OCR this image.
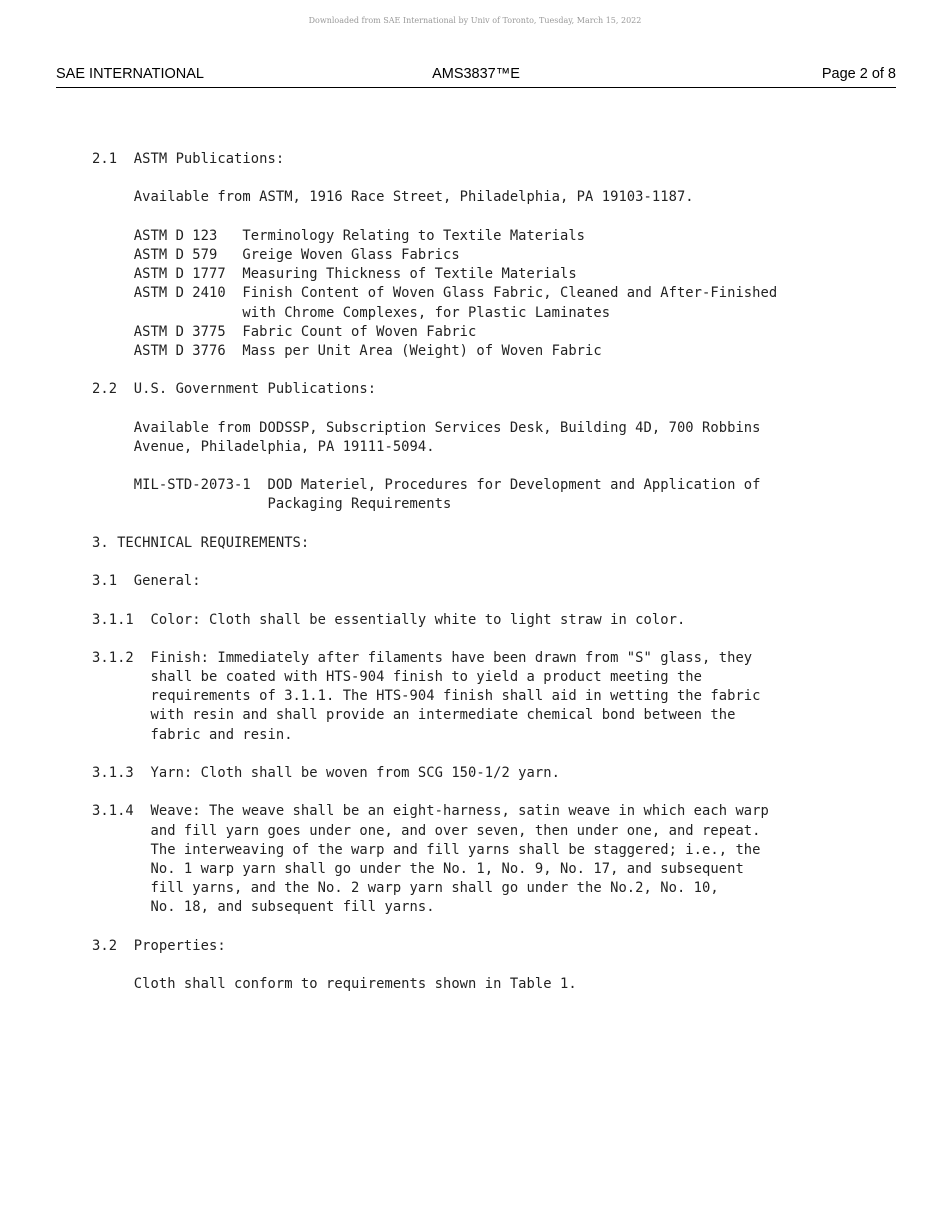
Downloaded from SAE International by Univ of Toronto, Tuesday, March 15, 2022
SAE INTERNATIONAL	AMS3837™E	Page 2 of 8
2.1  ASTM Publications:
Available from ASTM, 1916 Race Street, Philadelphia, PA 19103-1187.
ASTM D 123   Terminology Relating to Textile Materials
ASTM D 579   Greige Woven Glass Fabrics
ASTM D 1777  Measuring Thickness of Textile Materials
ASTM D 2410  Finish Content of Woven Glass Fabric, Cleaned and After-Finished
with Chrome Complexes, for Plastic Laminates
ASTM D 3775  Fabric Count of Woven Fabric
ASTM D 3776  Mass per Unit Area (Weight) of Woven Fabric
2.2  U.S. Government Publications:
Available from DODSSP, Subscription Services Desk, Building 4D, 700 Robbins
Avenue, Philadelphia, PA 19111-5094.
MIL-STD-2073-1  DOD Materiel, Procedures for Development and Application of
Packaging Requirements
3. TECHNICAL REQUIREMENTS:
3.1  General:
3.1.1  Color: Cloth shall be essentially white to light straw in color.
3.1.2  Finish: Immediately after filaments have been drawn from "S" glass, they
shall be coated with HTS-904 finish to yield a product meeting the
requirements of 3.1.1. The HTS-904 finish shall aid in wetting the fabric
with resin and shall provide an intermediate chemical bond between the
fabric and resin.
3.1.3  Yarn: Cloth shall be woven from SCG 150-1/2 yarn.
3.1.4  Weave: The weave shall be an eight-harness, satin weave in which each warp
and fill yarn goes under one, and over seven, then under one, and repeat.
The interweaving of the warp and fill yarns shall be staggered; i.e., the
No. 1 warp yarn shall go under the No. 1, No. 9, No. 17, and subsequent
fill yarns, and the No. 2 warp yarn shall go under the No.2, No. 10,
No. 18, and subsequent fill yarns.
3.2  Properties:
Cloth shall conform to requirements shown in Table 1.
